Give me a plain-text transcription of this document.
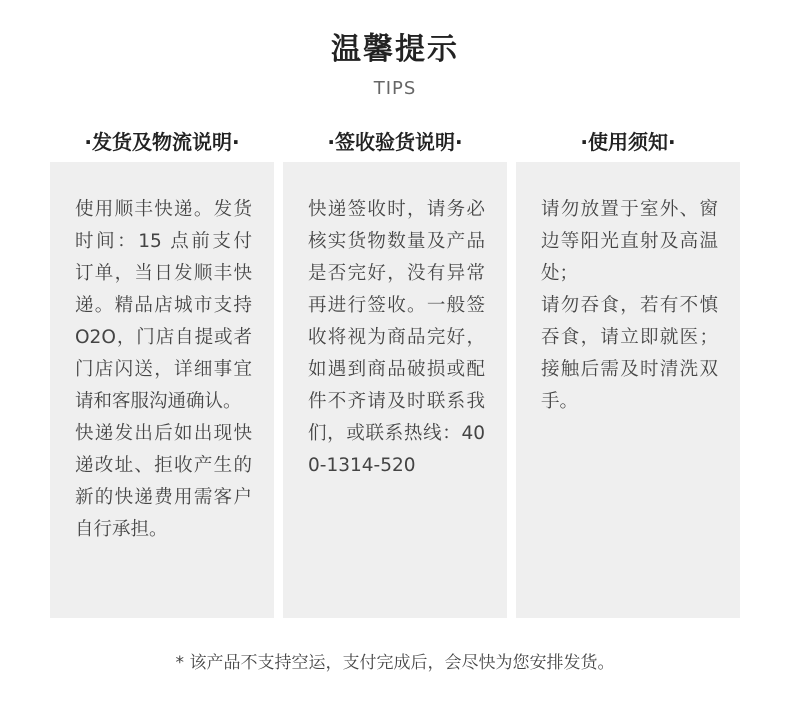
温馨提示
TIPS
·发货及物流说明·

使用顺丰快递。发货时间：15 点前支付订单，当日发顺丰快递。精品店城市支持 O2O，门店自提或者门店闪送，详细事宜请和客服沟通确认。

快递发出后如出现快递改址、拒收产生的新的快递费用需客户自行承担。

·签收验货说明·

快递签收时，请务必核实货物数量及产品是否完好，没有异常再进行签收。一般签收将视为商品完好，如遇到商品破损或配件不齐请及时联系我们，或联系热线：400-1314-520

·使用须知·

请勿放置于室外、窗边等阳光直射及高温处；

请勿吞食，若有不慎吞食，请立即就医；接触后需及时清洗双手。

* 该产品不支持空运，支付完成后，会尽快为您安排发货。
